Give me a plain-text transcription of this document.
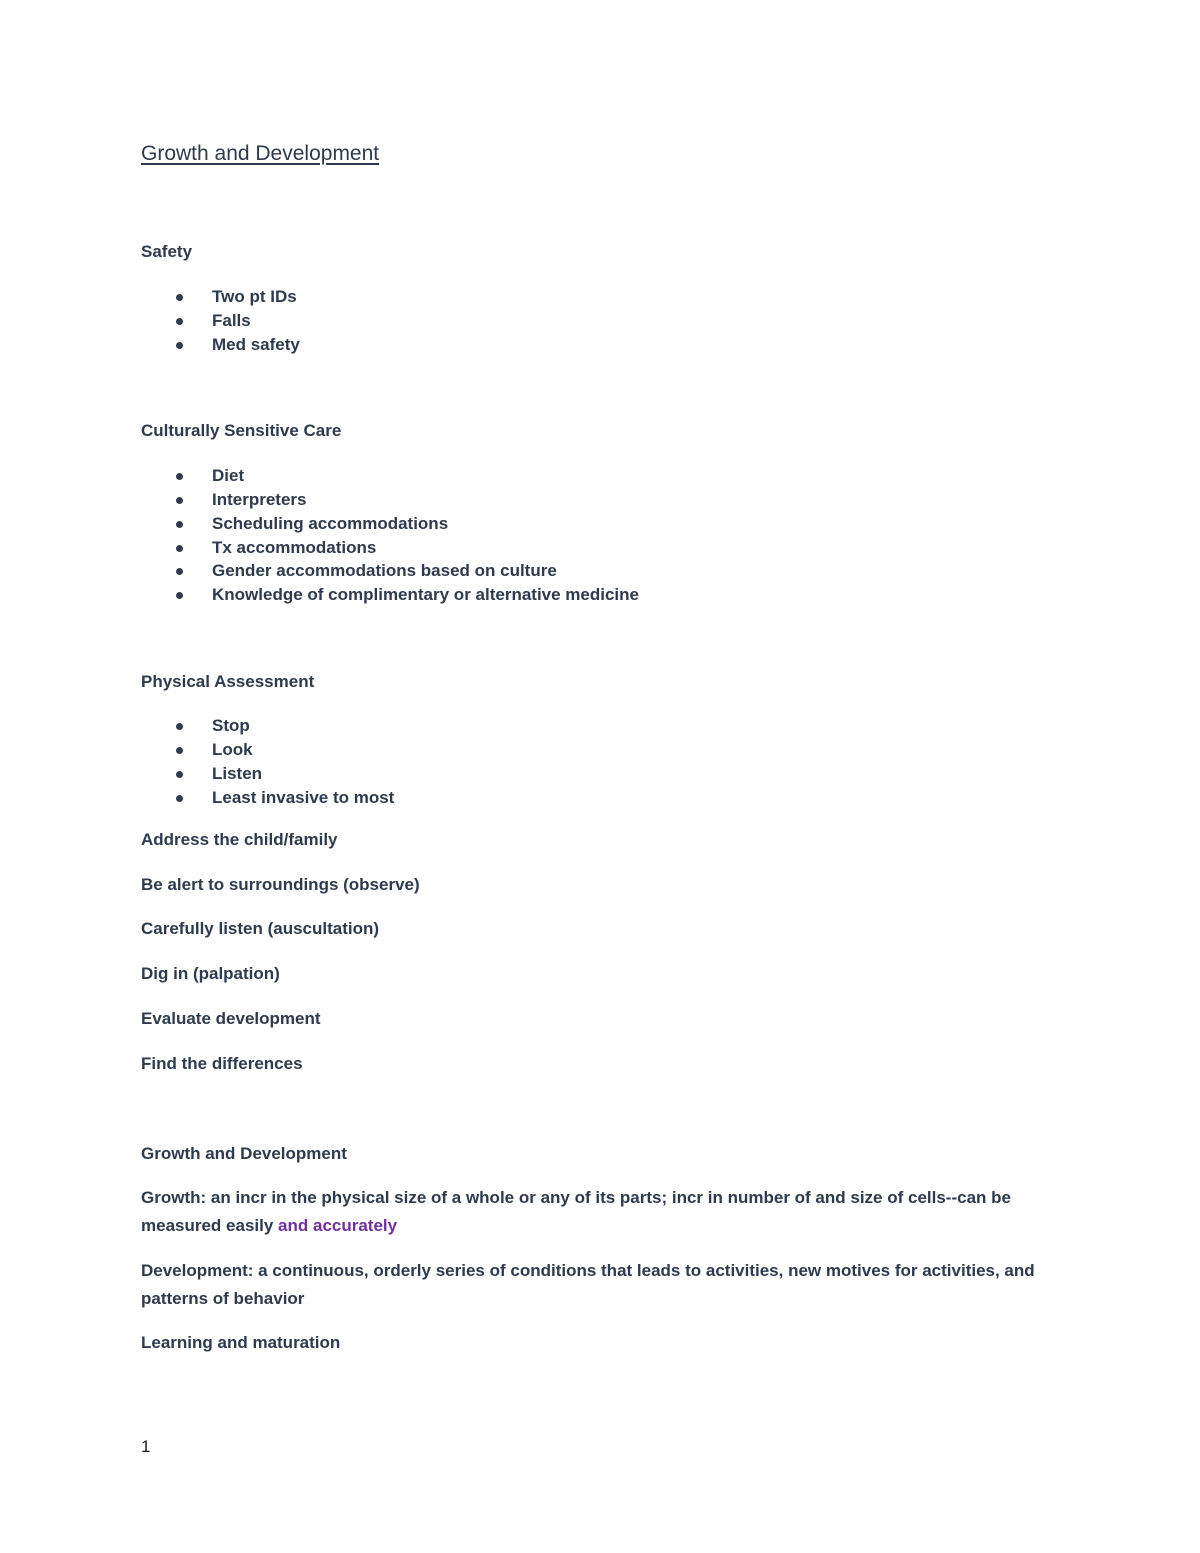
Growth and Development
Safety
Two pt IDs
Falls
Med safety
Culturally Sensitive Care
Diet
Interpreters
Scheduling accommodations
Tx accommodations
Gender accommodations based on culture
Knowledge of complimentary or alternative medicine
Physical Assessment
Stop
Look
Listen
Least invasive to most
Address the child/family
Be alert to surroundings (observe)
Carefully listen (auscultation)
Dig in (palpation)
Evaluate development
Find the differences
Growth and Development
Growth: an incr in the physical size of a whole or any of its parts; incr in number of and size of cells--can be measured easily and accurately
Development: a continuous, orderly series of conditions that leads to activities, new motives for activities, and patterns of behavior
Learning and maturation
1
